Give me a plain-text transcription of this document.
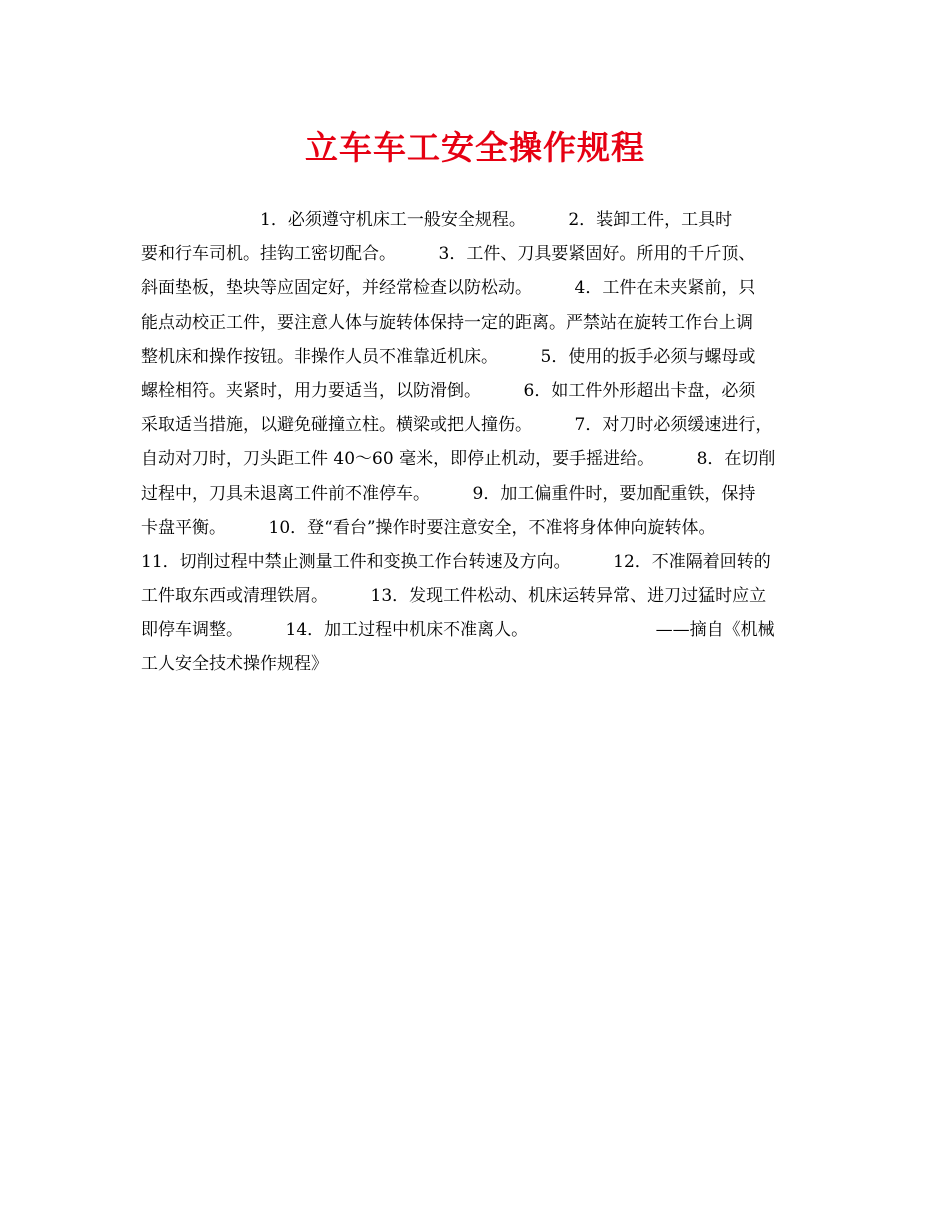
立车车工安全操作规程
　　　　　　　1．必须遵守机床工一般安全规程。　　　2．装卸工件，工具时
要和行车司机。挂钩工密切配合。　　　3．工件、刀具要紧固好。所用的千斤顶、
斜面垫板，垫块等应固定好，并经常检查以防松动。　　　4．工件在未夹紧前，只
能点动校正工件，要注意人体与旋转体保持一定的距离。严禁站在旋转工作台上调
整机床和操作按钮。非操作人员不准靠近机床。　　　5．使用的扳手必须与螺母或
螺栓相符。夹紧时，用力要适当，以防滑倒。　　　6．如工件外形超出卡盘，必须
采取适当措施，以避免碰撞立柱。横梁或把人撞伤。　　　7．对刀时必须缓速进行，
自动对刀时，刀头距工件 40～60 毫米，即停止机动，要手摇进给。　　　8．在切削
过程中，刀具未退离工件前不准停车。　　　9．加工偏重件时，要加配重铁，保持
卡盘平衡。　　　10．登“看台”操作时要注意安全，不准将身体伸向旋转体。
11．切削过程中禁止测量工件和变换工作台转速及方向。　　　12．不准隔着回转的
工件取东西或清理铁屑。　　　13．发现工件松动、机床运转异常、进刀过猛时应立
即停车调整。　　　14．加工过程中机床不准离人。　　　　　　　　——摘自《机械
工人安全技术操作规程》
